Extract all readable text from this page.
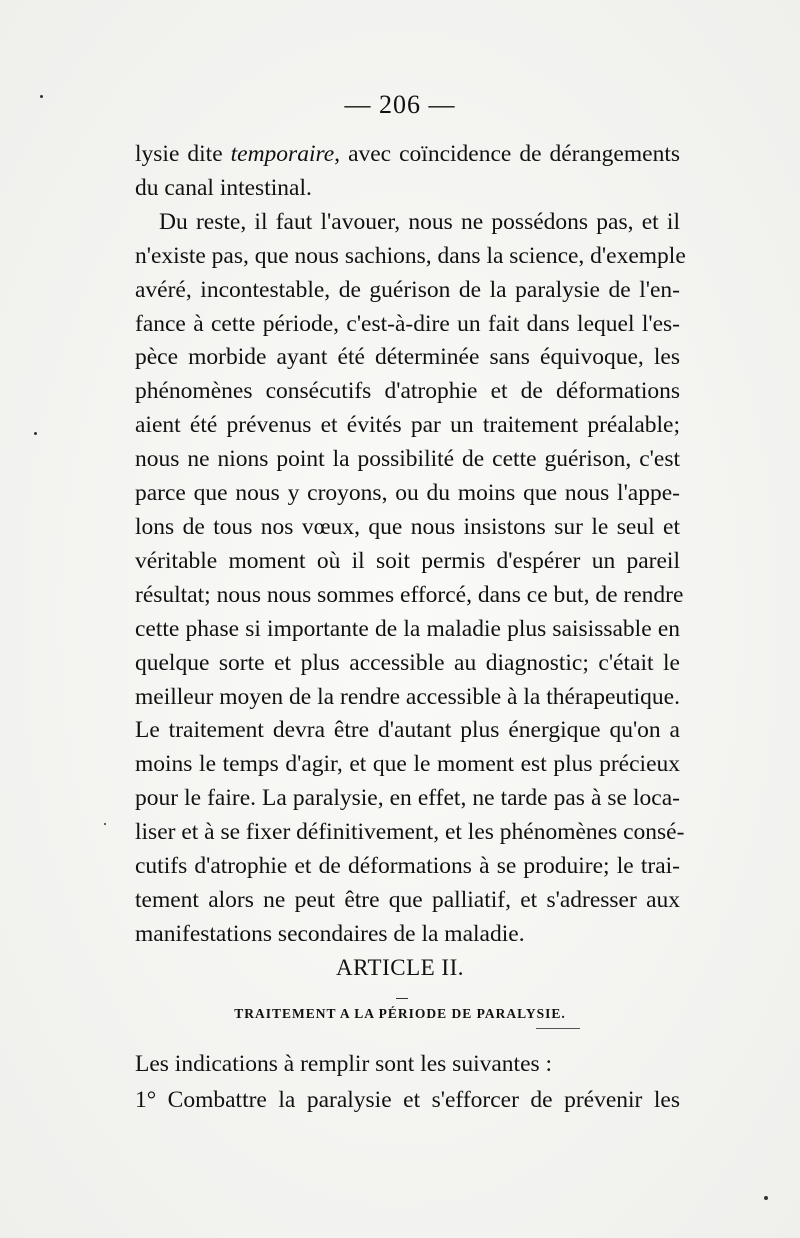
— 206 —
lysie dite temporaire, avec coïncidence de dérangements
du canal intestinal.
Du reste, il faut l'avouer, nous ne possédons pas, et il
n'existe pas, que nous sachions, dans la science, d'exemple
avéré, incontestable, de guérison de la paralysie de l'en-
fance à cette période, c'est-à-dire un fait dans lequel l'es-
pèce morbide ayant été déterminée sans équivoque, les
phénomènes consécutifs d'atrophie et de déformations
aient été prévenus et évités par un traitement préalable;
nous ne nions point la possibilité de cette guérison, c'est
parce que nous y croyons, ou du moins que nous l'appe-
lons de tous nos vœux, que nous insistons sur le seul et
véritable moment où il soit permis d'espérer un pareil
résultat; nous nous sommes efforcé, dans ce but, de rendre
cette phase si importante de la maladie plus saisissable en
quelque sorte et plus accessible au diagnostic; c'était le
meilleur moyen de la rendre accessible à la thérapeutique.
Le traitement devra être d'autant plus énergique qu'on a
moins le temps d'agir, et que le moment est plus précieux
pour le faire. La paralysie, en effet, ne tarde pas à se loca-
liser et à se fixer définitivement, et les phénomènes consé-
cutifs d'atrophie et de déformations à se produire; le trai-
tement alors ne peut être que palliatif, et s'adresser aux
manifestations secondaires de la maladie.
ARTICLE II.
TRAITEMENT A LA PÉRIODE DE PARALYSIE.
Les indications à remplir sont les suivantes :
1° Combattre la paralysie et s'efforcer de prévenir les
